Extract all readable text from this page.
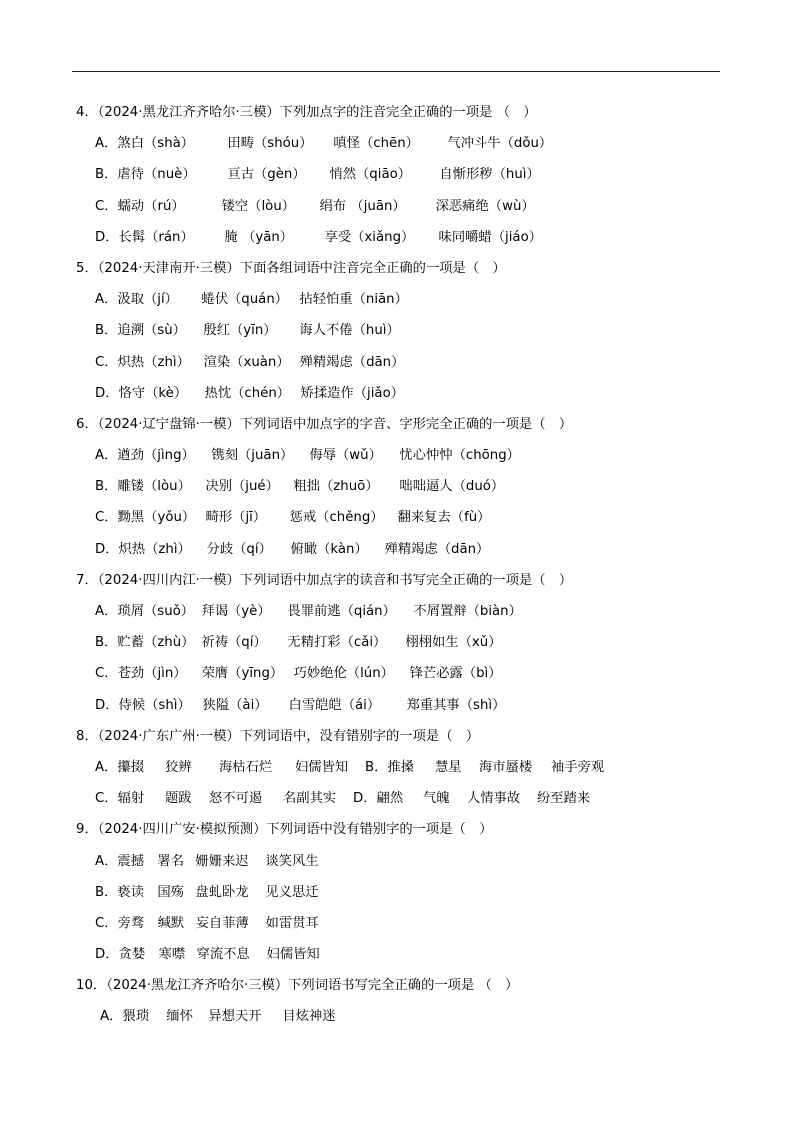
4．（2024·黑龙江齐齐哈尔·三模）下列加点字的注音完全正确的一项是 （　）
A．煞白（shà）	田畴（shóu） 嗔怪（chēn） 气冲斗牛（dǒu）
B．虐待（nuè） 亘古（gèn） 悄然（qiāo） 自惭形秽（huì）
C．蠕动（rú）	镂空（lòu） 绢布 （juān） 深恶痛绝（wù）
D．长髯（rán） 腌 （yān） 享受（xiǎng） 味同嚼蜡（jiáo）
5．（2024·天津南开·三模）下面各组词语中注音完全正确的一项是（　）
A．汲取（jí） 蜷伏（quán） 拈轻怕重（niān）
B．追溯（sù） 殷红（yīn） 诲人不倦（huì）
C．炽热（zhì） 渲染（xuàn） 殚精竭虑（dān）
D．恪守（kè） 热忱（chén） 矫揉造作（jiǎo）
6．（2024·辽宁盘锦·一模）下列词语中加点字的字音、字形完全正确的一项是（　）
A．遒劲（jìng） 镌刻（juān） 侮辱（wǔ） 忧心忡忡（chōng）
B．雕镂（lòu） 决别（jué） 粗拙（zhuō） 咄咄逼人（duó）
C．黝黑（yǒu） 畸形（jī） 惩戒（chěng） 翻来复去（fù）
D．炽热（zhì） 分歧（qí） 俯瞰（kàn） 殚精竭虑（dān）
7．（2024·四川内江·一模）下列词语中加点字的读音和书写完全正确的一项是（　）
A．琐屑（suǒ） 拜谒（yè） 畏罪前逃（qián） 不屑置辩（biàn）
B．贮蓄（zhù） 祈祷（qí） 无精打彩（cǎi） 栩栩如生（xǔ）
C．苍劲（jìn） 荣膺（yīng） 巧妙绝伦（lún） 锋芒必露（bì）
D．侍候（shì） 狭隘（ài） 白雪皑皑（ái） 郑重其事（shì）
8．（2024·广东广州·一模）下列词语中，没有错别字的一项是（　）
A．攥掇 狡辨 海枯石烂 妇儒皆知 B．推搡 慧星 海市蜃楼 袖手旁观
C．辐射 题跋 怒不可遏 名副其实 D．翩然 气魄 人情事故 纷至踏来
9．（2024·四川广安·模拟预测）下列词语中没有错别字的一项是（　）
A．震撼 署名 姗姗来迟 谈笑风生
B．亵读 国殇 盘虬卧龙 见义思迁
C．旁骛 缄默 妄自菲薄 如雷贯耳
D．贪婪 寒噤 穿流不息 妇儒皆知
10．（2024·黑龙江齐齐哈尔·三模）下列词语书写完全正确的一项是 （　）
A．猥琐 缅怀 异想天开 目炫神迷
